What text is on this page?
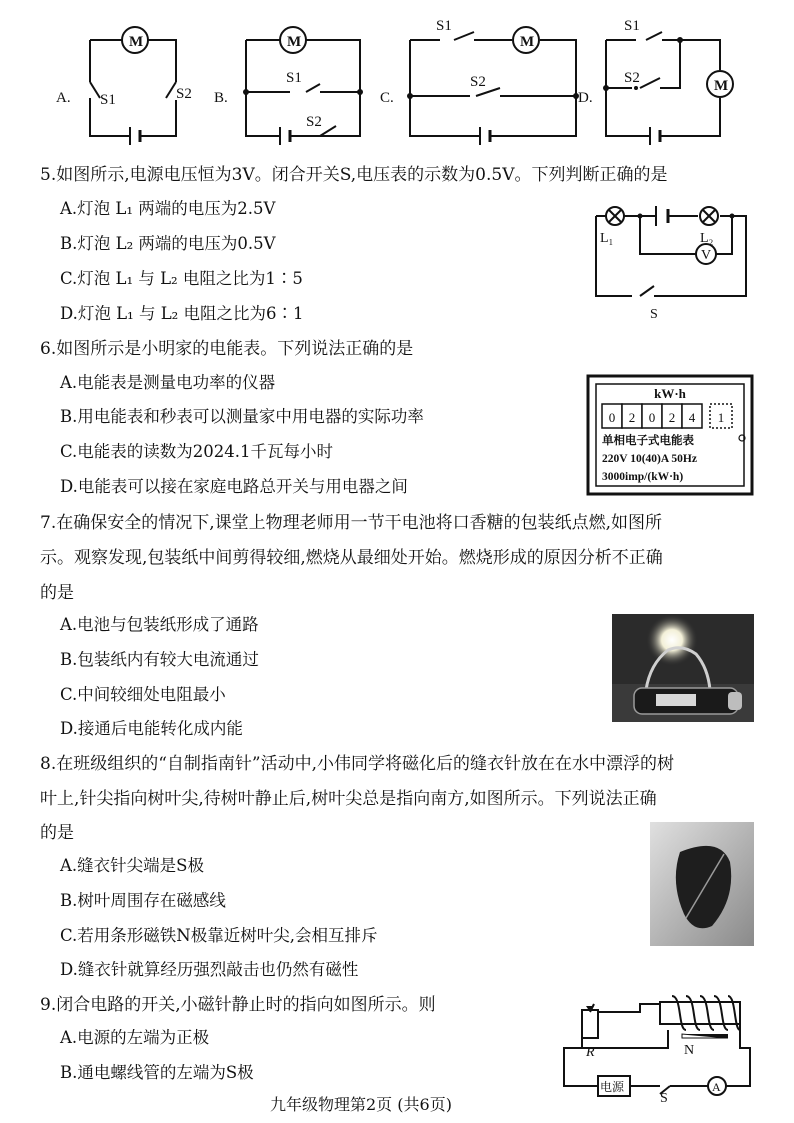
M	M	M
M
A. S1	S2 B.
S1
S2
C.
S1
S2
D.
S1
S2
5.如图所示,电源电压恒为3V。闭合开关S,电压表的示数为0.5V。下列判断正确的是
A.灯泡 L₁ 两端的电压为2.5V
B.灯泡 L₂ 两端的电压为0.5V
C.灯泡 L₁ 与 L₂ 电阻之比为1∶5
D.灯泡 L₁ 与 L₂ 电阻之比为6∶1
L₁	L₂
V
S
6.如图所示是小明家的电能表。下列说法正确的是
A.电能表是测量电功率的仪器
B.用电能表和秒表可以测量家中用电器的实际功率
C.电能表的读数为2024.1千瓦每小时
D.电能表可以接在家庭电路总开关与用电器之间
kW·h
0 2 0 2 4 1
单相电子式电能表
220V 10(40)A 50Hz
3000imp/(kW·h)
7.在确保安全的情况下,课堂上物理老师用一节干电池将口香糖的包装纸点燃,如图所
示。观察发现,包装纸中间剪得较细,燃烧从最细处开始。燃烧形成的原因分析不正确
的是
A.电池与包装纸形成了通路
B.包装纸内有较大电流通过
C.中间较细处电阻最小
D.接通后电能转化成内能
8.在班级组织的“自制指南针”活动中,小伟同学将磁化后的缝衣针放在在水中漂浮的树
叶上,针尖指向树叶尖,待树叶静止后,树叶尖总是指向南方,如图所示。下列说法正确
的是
A.缝衣针尖端是S极
B.树叶周围存在磁感线
C.若用条形磁铁N极靠近树叶尖,会相互排斥
D.缝衣针就算经历强烈敲击也仍然有磁性
9.闭合电路的开关,小磁针静止时的指向如图所示。则
A.电源的左端为正极
B.通电螺线管的左端为S极
R	N
电源
S
A
九年级物理第2页 (共6页)
